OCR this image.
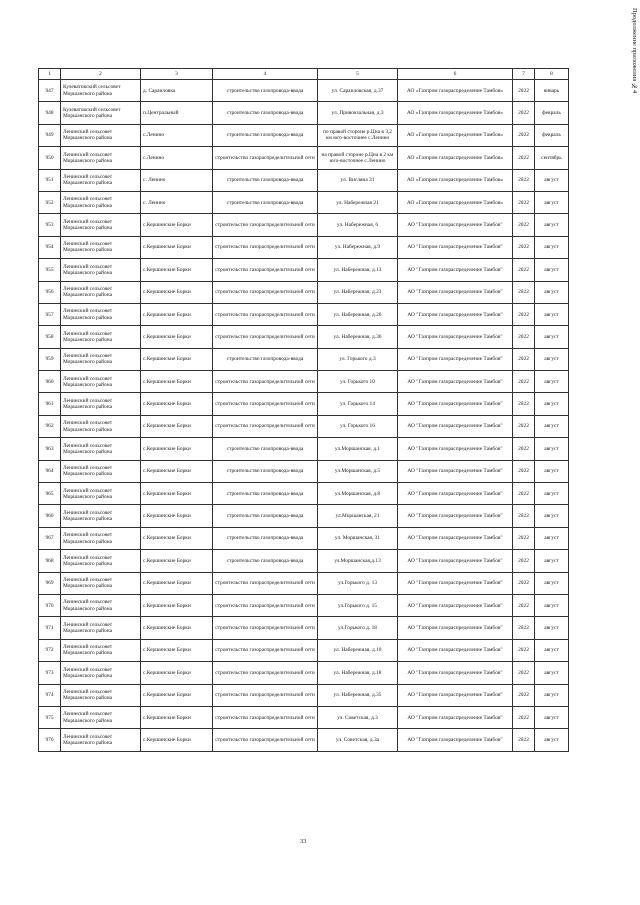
Продолжение приложения №4
33
1	2	3	4	5	6	7	8
947	Кулеватовский сельсовет Моршанского района	д. Сараиловка	строительство газопровода-ввода	ул. Сараиловская, д.37	АО «Газпром газораспределение Тамбов»	2022	январь
948	Кулеватовский сельсовет Моршанского района	п.Центральный	строительство газопровода-ввода	ул. Привокзальная, д.3	АО «Газпром газораспределение Тамбов»	2022	февраль
949	Ленинский сельсовет Моршанского района	с.Ленино	строительство газопровода-ввода	по правой стороне р.Цна в 3,2 км юго-восточнее с.Ленино	АО «Газпром газораспределение Тамбов»	2022	февраль
950	Ленинский сельсовет Моршанского района	с.Ленино	строительство газораспределительной сети	на правой стороне р.Цна в 2 км юго-восточнее с.Ленино	АО «Газпром газораспределение Тамбов»	2022	сентябрь
951	Ленинский сельсовет Моршанского района	с. Ленино	строительство газопровода-ввода	ул. Висляна 31	АО «Газпром газораспределение Тамбов»	2022	август
952	Ленинский сельсовет Моршанского района	с. Ленино	строительство газопровода-ввода	ул. Набережная 21	АО «Газпром газораспределение Тамбов»	2022	август
953	Ленинский сельсовет Моршанского района	с.Кершинские Борки	строительство газораспределительной сети	ул. Набережная, 6	АО "Газпром газораспределение Тамбов"	2022	август
954	Ленинский сельсовет Моршанского района	с.Кершинские Борки	строительство газораспределительной сети	ул. Набережная, д.9	АО "Газпром газораспределение Тамбов"	2022	август
955	Ленинский сельсовет Моршанского района	с.Кершинские Борки	строительство газораспределительной сети	ул. Набережная, д.13	АО "Газпром газораспределение Тамбов"	2022	август
956	Ленинский сельсовет Моршанского района	с.Кершинские Борки	строительство газораспределительной сети	ул. Набережная, д.23	АО "Газпром газораспределение Тамбов"	2022	август
957	Ленинский сельсовет Моршанского района	с.Кершинские Борки	строительство газораспределительной сети	ул. Набережная, д.26	АО "Газпром газораспределение Тамбов"	2022	август
958	Ленинский сельсовет Моршанского района	с.Кершинские Борки	строительство газораспределительной сети	ул. Набережная, д.36	АО "Газпром газораспределение Тамбов"	2022	август
959	Ленинский сельсовет Моршанского района	с.Кершинские Борки	строительство газопровода-ввода	ул. Горького д.3	АО "Газпром газораспределение Тамбов"	2022	август
960	Ленинский сельсовет Моршанского района	с.Кершинские Борки	строительство газораспределительной сети	ул. Горького 10	АО "Газпром газораспределение Тамбов"	2022	август
961	Ленинский сельсовет Моршанского района	с.Кершинские Борки	строительство газораспределительной сети	ул. Горького 14	АО "Газпром газораспределение Тамбов"	2022	август
962	Ленинский сельсовет Моршанского района	с.Кершинские Борки	строительство газораспределительной сети	ул. Горького 16	АО "Газпром газораспределение Тамбов"	2022	август
963	Ленинский сельсовет Моршанского района	с.Кершинские Борки	строительство газопровода-ввода	ул.Моршанская, д.1	АО "Газпром газораспределение Тамбов"	2022	август
964	Ленинский сельсовет Моршанского района	с.Кершинские Борки	строительство газопровода-ввода	ул.Моршанская, д.5	АО "Газпром газораспределение Тамбов"	2022	август
965	Ленинский сельсовет Моршанского района	с.Кершинские Борки	строительство газопровода-ввода	ул.Моршанская, д.8	АО "Газпром газораспределение Тамбов"	2022	август
966	Ленинский сельсовет Моршанского района	с.Кершинские Борки	строительство газопровода-ввода	ул.Моршанская, 21	АО "Газпром газораспределение Тамбов"	2022	август
967	Ленинский сельсовет Моршанского района	с.Кершинские Борки	строительство газопровода-ввода	ул. Моршанская, 31	АО "Газпром газораспределение Тамбов"	2022	август
968	Ленинский сельсовет Моршанского района	с.Кершинские Борки	строительство газопровода-ввода	ул.Моршанская,д.13	АО "Газпром газораспределение Тамбов"	2022	август
969	Ленинский сельсовет Моршанского района	с.Кершинские Борки	строительство газораспределительной сети	ул.Горького д. 13	АО "Газпром газораспределение Тамбов"	2022	август
970	Ленинский сельсовет Моршанского района	с.Кершинские Борки	строительство газораспределительной сети	ул.Горького д. 15	АО "Газпром газораспределение Тамбов"	2022	август
971	Ленинский сельсовет Моршанского района	с.Кершинские Борки	строительство газораспределительной сети	ул.Горького д. 18	АО "Газпром газораспределение Тамбов"	2022	август
972	Ленинский сельсовет Моршанского района	с.Кершинские Борки	строительство газораспределительной сети	ул. Набережная, д.10	АО "Газпром газораспределение Тамбов"	2022	август
973	Ленинский сельсовет Моршанского района	с.Кершинские Борки	строительство газораспределительной сети	ул. Набережная, д.18	АО "Газпром газораспределение Тамбов"	2022	август
974	Ленинский сельсовет Моршанского района	с.Кершинские Борки	строительство газораспределительной сети	ул. Набережная, д.35	АО "Газпром газораспределение Тамбов"	2022	август
975	Ленинский сельсовет Моршанского района	с.Кершинские Борки	строительство газораспределительной сети	ул. Советская, д.3	АО "Газпром газораспределение Тамбов"	2022	август
976	Ленинский сельсовет Моршанского района	с.Кершинские Борки	строительство газораспределительной сети	ул. Советская, д.3а	АО "Газпром газораспределение Тамбов"	2022	август
